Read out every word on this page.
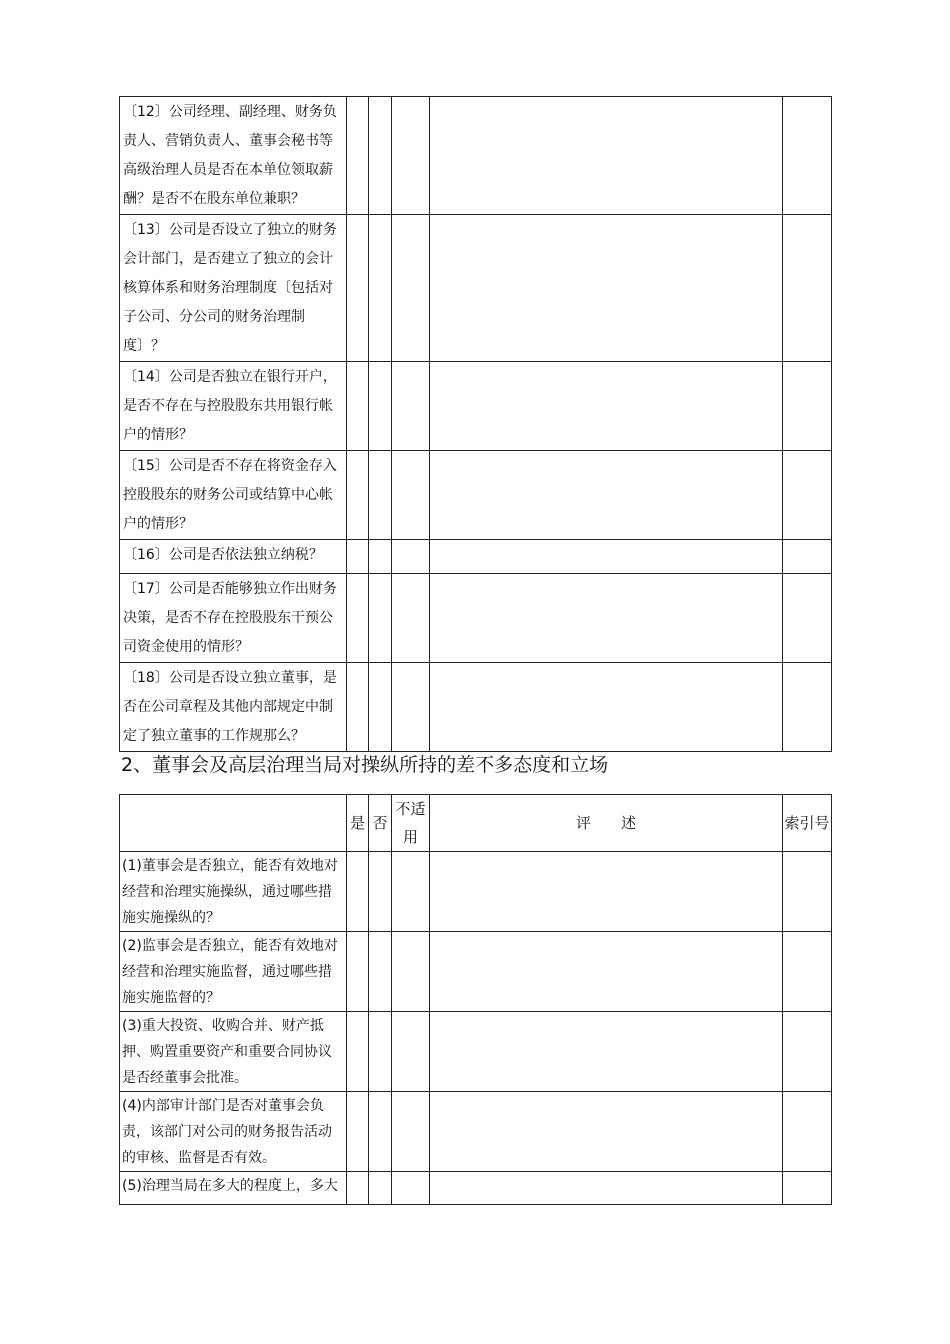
〔12〕公司经理、副经理、财务负责人、营销负责人、董事会秘书等高级治理人员是否在本单位领取薪酬？是否不在股东单位兼职？					
〔13〕公司是否设立了独立的财务会计部门，是否建立了独立的会计核算体系和财务治理制度〔包括对子公司、分公司的财务治理制度〕？					
〔14〕公司是否独立在银行开户，是否不存在与控股股东共用银行帐户的情形？					
〔15〕公司是否不存在将资金存入控股股东的财务公司或结算中心帐户的情形？					
〔16〕公司是否依法独立纳税？					
〔17〕公司是否能够独立作出财务决策，是否不存在控股股东干预公司资金使用的情形？					
〔18〕公司是否设立独立董事，是否在公司章程及其他内部规定中制定了独立董事的工作规那么？					
2、董事会及高层治理当局对操纵所持的差不多态度和立场
	是	否	不适用	评　　述	索引号
(1)董事会是否独立，能否有效地对经营和治理实施操纵，通过哪些措施实施操纵的？					
(2)监事会是否独立，能否有效地对经营和治理实施监督，通过哪些措施实施监督的？					
(3)重大投资、收购合并、财产抵押、购置重要资产和重要合同协议是否经董事会批准。					
(4)内部审计部门是否对董事会负责，该部门对公司的财务报告活动的审核、监督是否有效。					
(5)治理当局在多大的程度上，多大					
